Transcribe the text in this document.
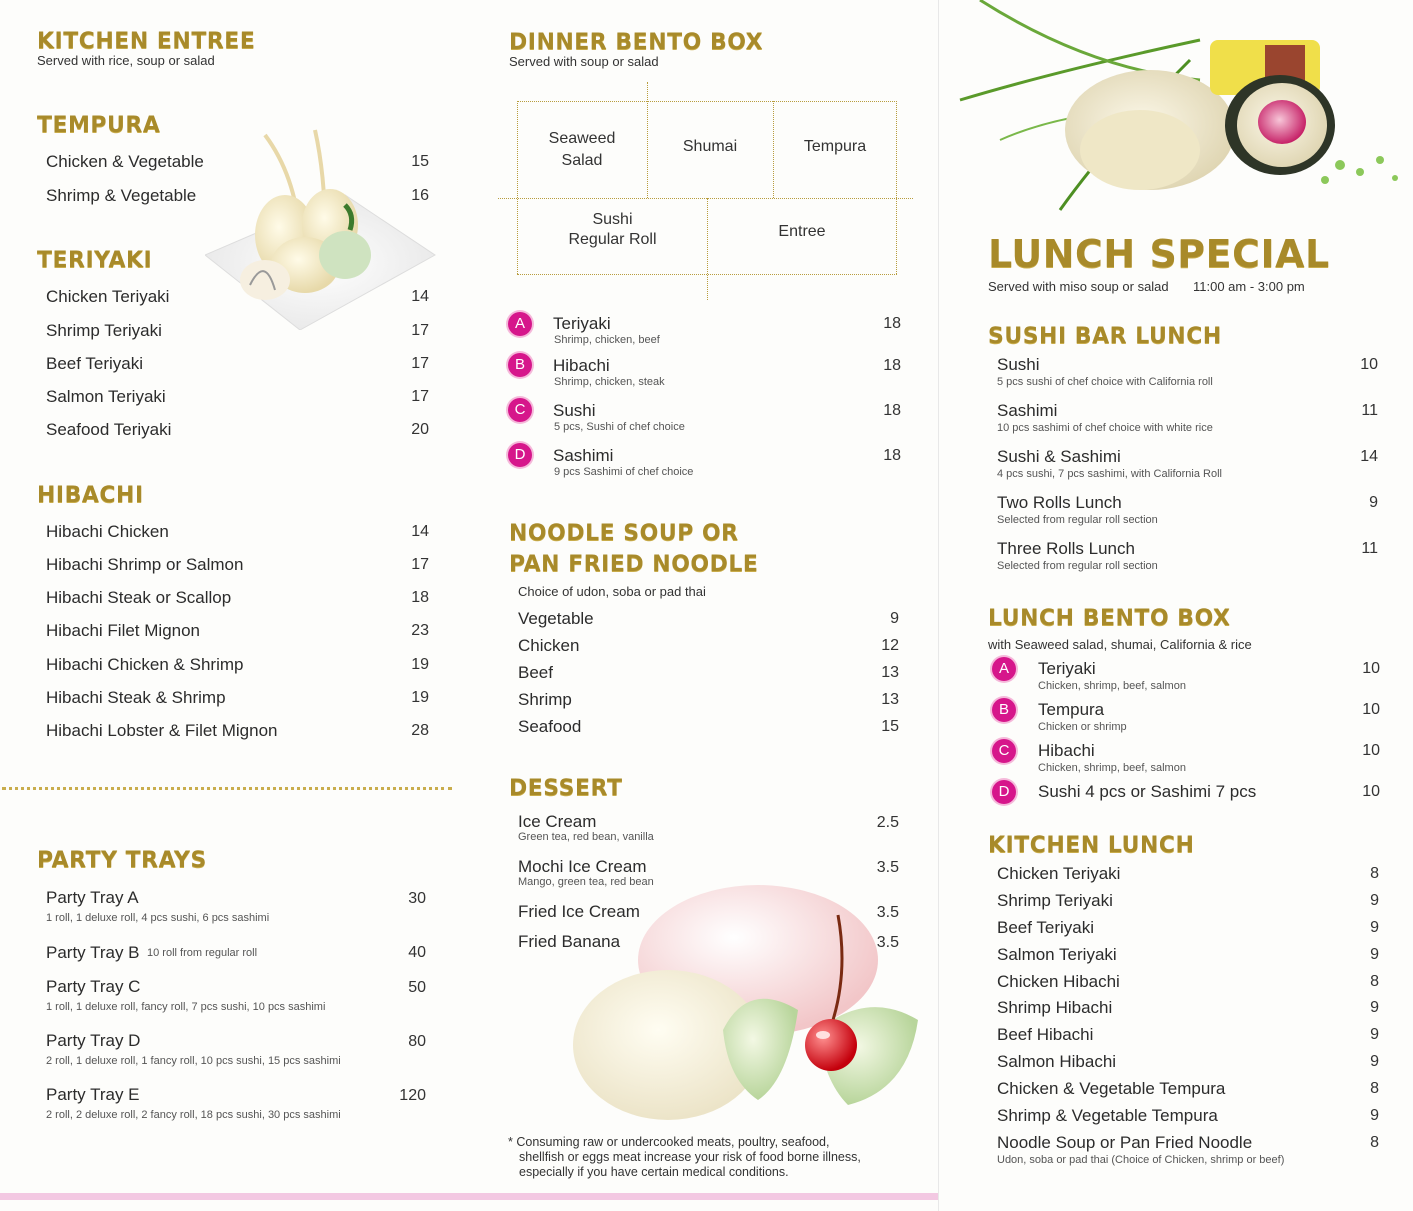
KITCHEN ENTREE
Served with rice, soup or salad
TEMPURA
Chicken & Vegetable	15
Shrimp & Vegetable	16
TERIYAKI
Chicken Teriyaki	14
Shrimp Teriyaki	17
Beef Teriyaki	17
Salmon Teriyaki	17
Seafood Teriyaki	20
HIBACHI
Hibachi Chicken	14
Hibachi Shrimp or Salmon	17
Hibachi Steak or Scallop	18
Hibachi Filet Mignon	23
Hibachi Chicken & Shrimp	19
Hibachi Steak & Shrimp	19
Hibachi Lobster & Filet Mignon	28
PARTY TRAYS
Party Tray A
1 roll, 1 deluxe roll, 4 pcs sushi, 6 pcs sashimi
30
Party Tray B 10 roll from regular roll	40
Party Tray C
1 roll, 1 deluxe roll, fancy roll, 7 pcs sushi, 10 pcs sashimi
50
Party Tray D
2 roll, 1 deluxe roll, 1 fancy roll, 10 pcs sushi, 15 pcs sashimi
80
Party Tray E
2 roll, 2 deluxe roll, 2 fancy roll, 18 pcs sushi, 30 pcs sashimi
120
DINNER BENTO BOX
Served with soup or salad
Seaweed
Salad
Shumai	Tempura
Sushi
Regular Roll	Entree
A	Teriyaki
Shrimp, chicken, beef
18
B	Hibachi
Shrimp, chicken, steak
18
C	Sushi
5 pcs, Sushi of chef choice
18
D	Sashimi
9 pcs Sashimi of chef choice
18
NOODLE SOUP OR
PAN FRIED NOODLE
Choice of udon, soba or pad thai
Vegetable	9
Chicken	12
Beef	13
Shrimp	13
Seafood	15
DESSERT
Ice Cream
Green tea, red bean, vanilla
2.5
Mochi Ice Cream
Mango, green tea, red bean
3.5
Fried Ice Cream	3.5
Fried Banana	3.5
* Consuming raw or undercooked meats, poultry, seafood,
shellfish or eggs meat increase your risk of food borne illness,
especially if you have certain medical conditions.
LUNCH SPECIAL
Served with miso soup or salad 11:00 am - 3:00 pm
SUSHI BAR LUNCH
Sushi
5 pcs sushi of chef choice with California roll
10
Sashimi
10 pcs sashimi of chef choice with white rice
11
Sushi & Sashimi
4 pcs sushi, 7 pcs sashimi, with California Roll
14
Two Rolls Lunch
Selected from regular roll section
9
Three Rolls Lunch
Selected from regular roll section
11
LUNCH BENTO BOX
with Seaweed salad, shumai, California & rice
A	Teriyaki
Chicken, shrimp, beef, salmon
10
B	Tempura
Chicken or shrimp
10
C	Hibachi
Chicken, shrimp, beef, salmon
10
D	Sushi 4 pcs or Sashimi 7 pcs	10
KITCHEN LUNCH
Chicken Teriyaki	8
Shrimp Teriyaki	9
Beef Teriyaki	9
Salmon Teriyaki	9
Chicken Hibachi	8
Shrimp Hibachi	9
Beef Hibachi	9
Salmon Hibachi	9
Chicken & Vegetable Tempura	8
Shrimp & Vegetable Tempura	9
Noodle Soup or Pan Fried Noodle	8
Udon, soba or pad thai (Choice of Chicken, shrimp or beef)
